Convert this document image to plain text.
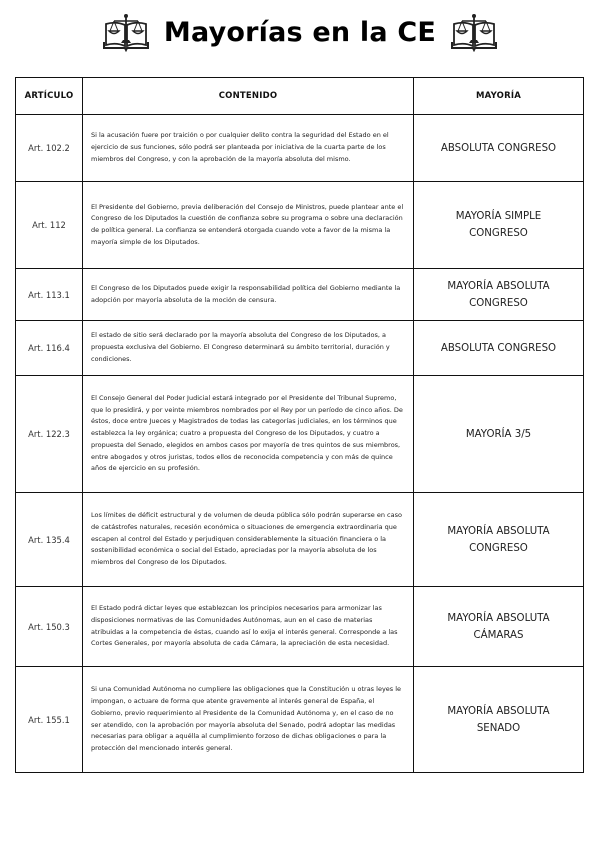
Mayorías en la CE
ARTÍCULO	CONTENIDO	MAYORÍA
Art. 102.2	Si la acusación fuere por traición o por cualquier delito contra la seguridad del Estado en el ejercicio de sus funciones, sólo podrá ser planteada por iniciativa de la cuarta parte de los miembros del Congreso, y con la aprobación de la mayoría absoluta del mismo.	ABSOLUTA CONGRESO
Art. 112	El Presidente del Gobierno, previa deliberación del Consejo de Ministros, puede plantear ante el Congreso de los Diputados la cuestión de confianza sobre su programa o sobre una declaración de política general. La confianza se entenderá otorgada cuando vote a favor de la misma la mayoría simple de los Diputados.	MAYORÍA SIMPLE CONGRESO
Art. 113.1	El Congreso de los Diputados puede exigir la responsabilidad política del Gobierno mediante la adopción por mayoría absoluta de la moción de censura.	MAYORÍA ABSOLUTA CONGRESO
Art. 116.4	El estado de sitio será declarado por la mayoría absoluta del Congreso de los Diputados, a propuesta exclusiva del Gobierno. El Congreso determinará su ámbito territorial, duración y condiciones.	ABSOLUTA CONGRESO
Art. 122.3	El Consejo General del Poder Judicial estará integrado por el Presidente del Tribunal Supremo, que lo presidirá, y por veinte miembros nombrados por el Rey por un período de cinco años. De éstos, doce entre Jueces y Magistrados de todas las categorías judiciales, en los términos que establezca la ley orgánica; cuatro a propuesta del Congreso de los Diputados, y cuatro a propuesta del Senado, elegidos en ambos casos por mayoría de tres quintos de sus miembros, entre abogados y otros juristas, todos ellos de reconocida competencia y con más de quince años de ejercicio en su profesión.	MAYORÍA 3/5
Art. 135.4	Los límites de déficit estructural y de volumen de deuda pública sólo podrán superarse en caso de catástrofes naturales, recesión económica o situaciones de emergencia extraordinaria que escapen al control del Estado y perjudiquen considerablemente la situación financiera o la sostenibilidad económica o social del Estado, apreciadas por la mayoría absoluta de los miembros del Congreso de los Diputados.	MAYORÍA ABSOLUTA CONGRESO
Art. 150.3	El Estado podrá dictar leyes que establezcan los principios necesarios para armonizar las disposiciones normativas de las Comunidades Autónomas, aun en el caso de materias atribuidas a la competencia de éstas, cuando así lo exija el interés general. Corresponde a las Cortes Generales, por mayoría absoluta de cada Cámara, la apreciación de esta necesidad.	MAYORÍA ABSOLUTA CÁMARAS
Art. 155.1	Si una Comunidad Autónoma no cumpliere las obligaciones que la Constitución u otras leyes le impongan, o actuare de forma que atente gravemente al interés general de España, el Gobierno, previo requerimiento al Presidente de la Comunidad Autónoma y, en el caso de no ser atendido, con la aprobación por mayoría absoluta del Senado, podrá adoptar las medidas necesarias para obligar a aquélla al cumplimiento forzoso de dichas obligaciones o para la protección del mencionado interés general.	MAYORÍA ABSOLUTA SENADO
